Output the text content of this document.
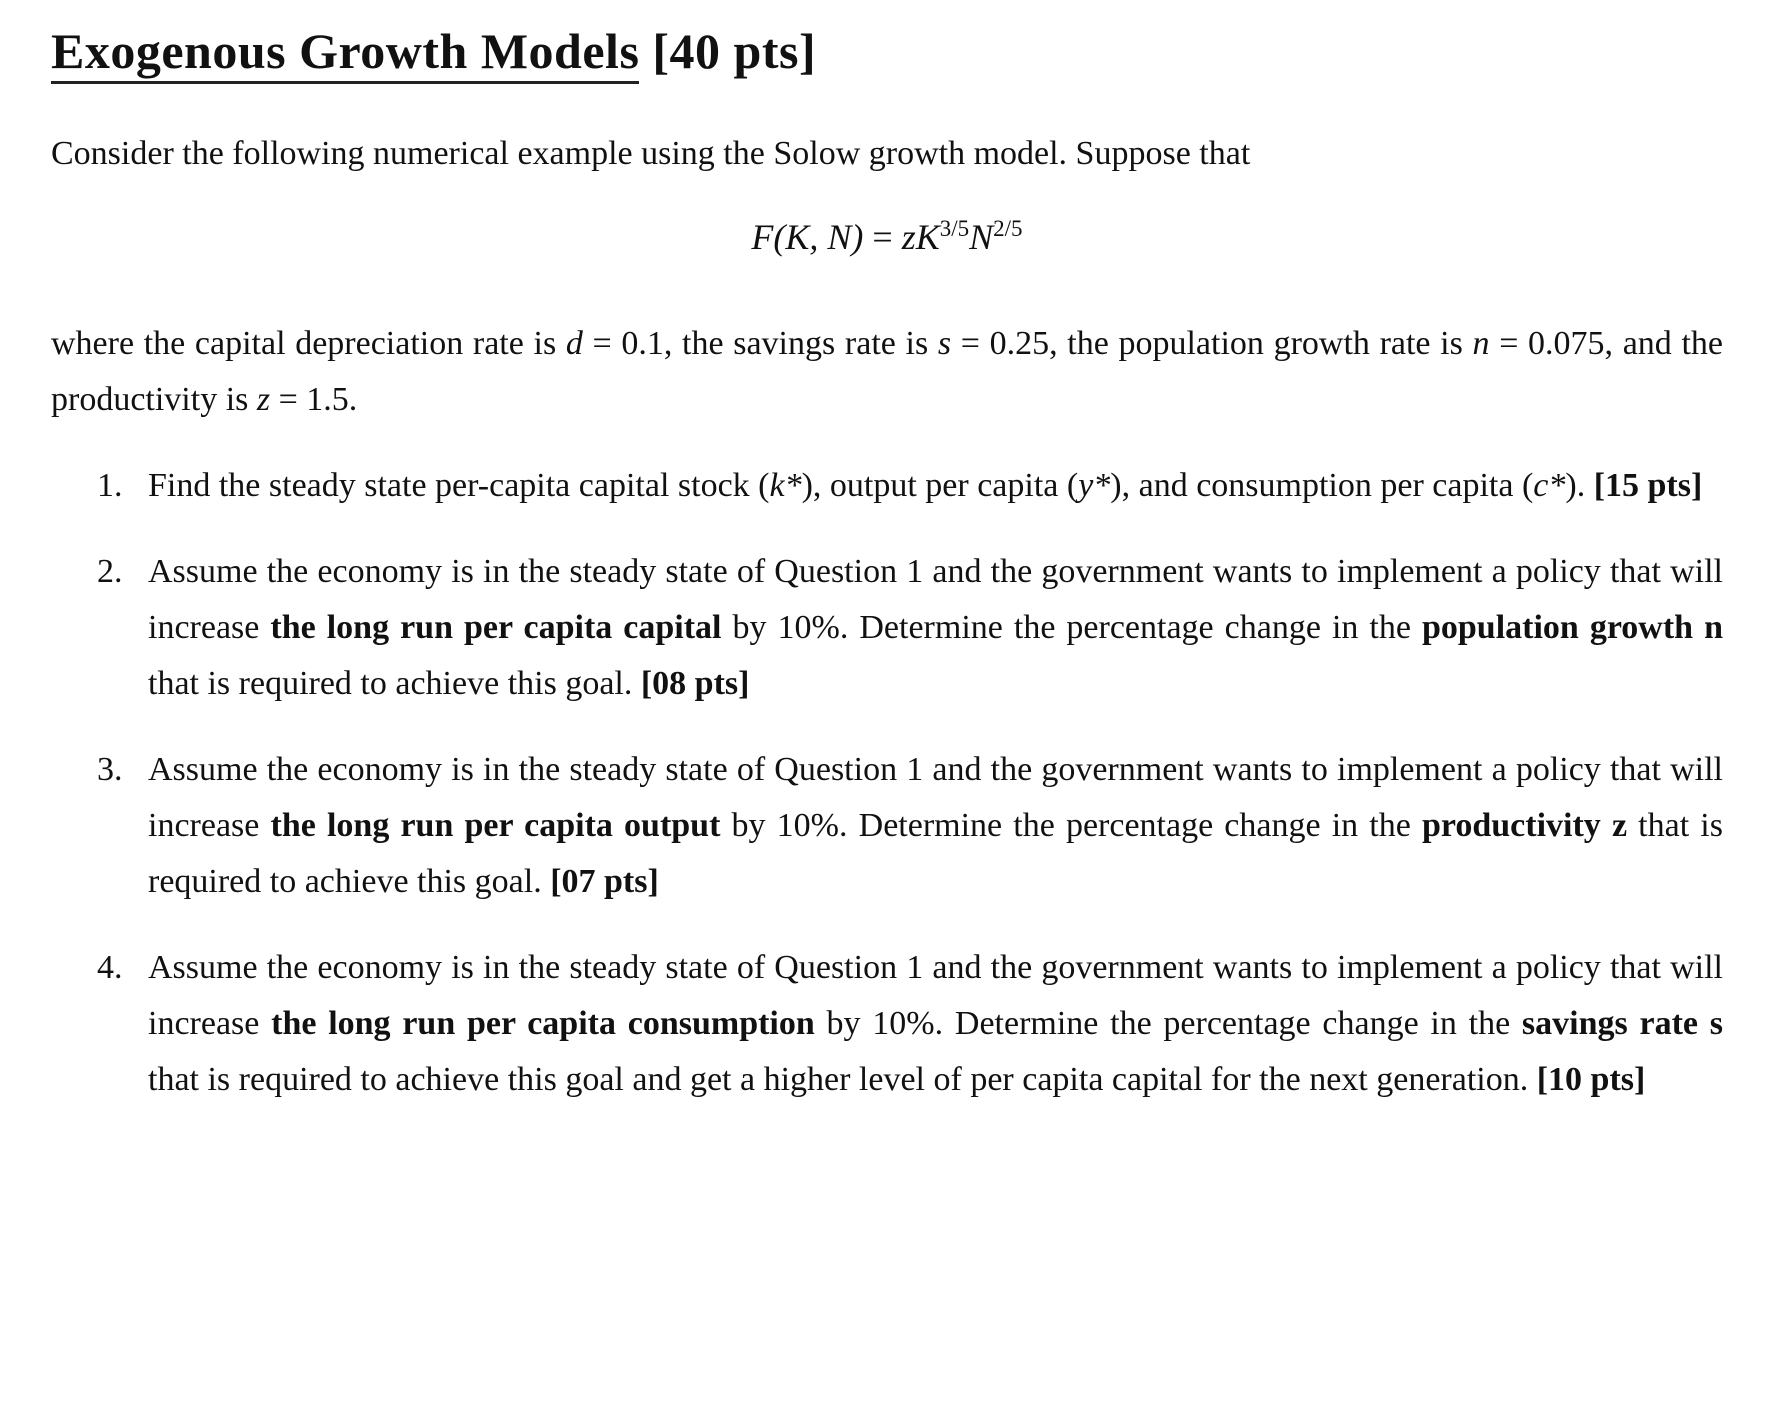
Exogenous Growth Models [40 pts]
Consider the following numerical example using the Solow growth model. Suppose that
F(K, $N) = zK^{3/5}N^{2/5}$
where the capital depreciation rate is d = 0.1, the savings rate is s = 0.25, the population growth rate is n = 0.075, and the productivity is z = 1.5.
1. Find the steady state per-capita capital stock (k*), output per capita (y*), and consumption per capita (c*). [15 pts]
2. Assume the economy is in the steady state of Question 1 and the government wants to implement a policy that will increase the long run per capita capital by 10%. Determine the percentage change in the population growth n that is required to achieve this goal. [08 pts]
3. Assume the economy is in the steady state of Question 1 and the government wants to implement a policy that will increase the long run per capita output by 10%. Determine the percentage change in the productivity z that is required to achieve this goal. [07 pts]
4. Assume the economy is in the steady state of Question 1 and the government wants to implement a policy that will increase the long run per capita consumption by 10%. Determine the percentage change in the savings rate s that is required to achieve this goal and get a higher level of per capita capital for the next generation. [10 pts]
